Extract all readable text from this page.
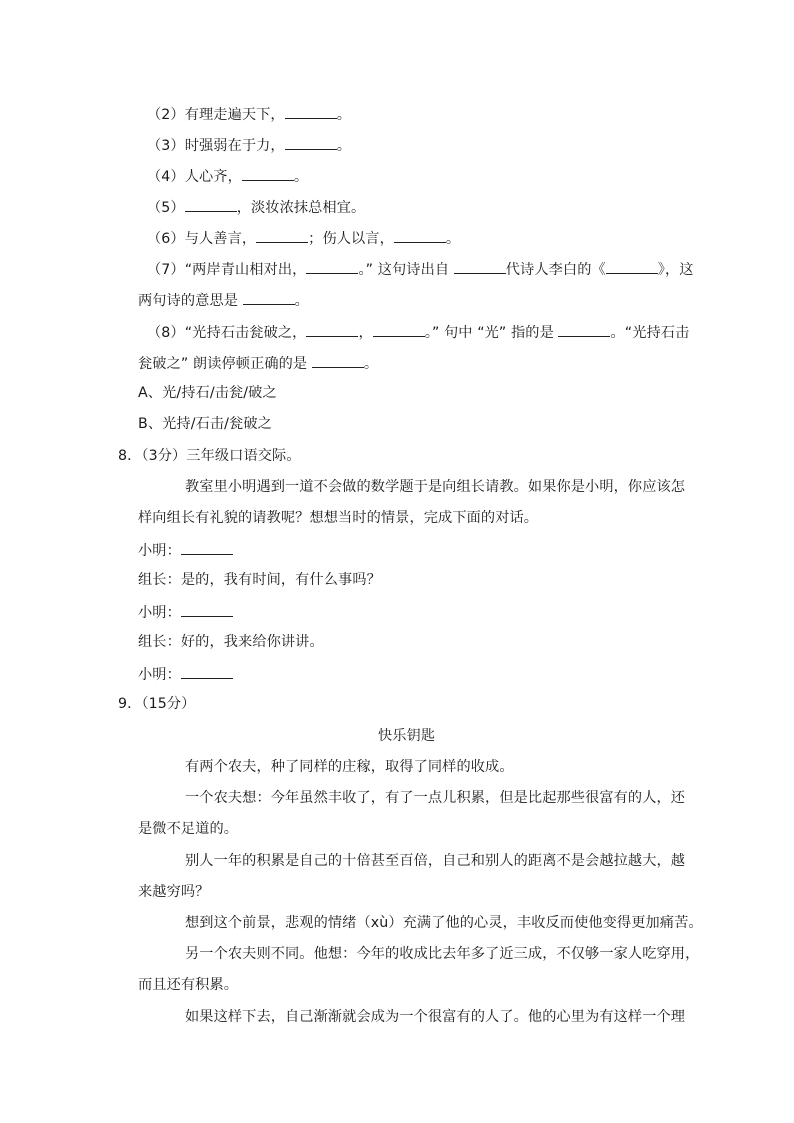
（2）有理走遍天下，	。
（3）时强弱在于力，	。
（4）人心齐，	。
（5）	，淡妆浓抹总相宜。
（6）与人善言，	；伤人以言，	。
（7）“两岸青山相对出，	。” 这句诗出自	代诗人李白的《	》，这
两句诗的意思是	。
（8）“光持石击瓮破之，	，	。” 句中 “光” 指的是	。“光持石击
瓮破之” 朗读停顿正确的是	。
A、光/持石/击瓮/破之
B、光持/石击/瓮破之
8．（3分）三年级口语交际。
教室里小明遇到一道不会做的数学题于是向组长请教。如果你是小明，你应该怎
样向组长有礼貌的请教呢？想想当时的情景，完成下面的对话。
小明：
组长：是的，我有时间，有什么事吗？
小明：
组长：好的，我来给你讲讲。
小明：
9．（15分）
快乐钥匙
有两个农夫，种了同样的庄稼，取得了同样的收成。
一个农夫想：今年虽然丰收了，有了一点儿积累，但是比起那些很富有的人，还
是微不足道的。
别人一年的积累是自己的十倍甚至百倍，自己和别人的距离不是会越拉越大，越
来越穷吗？
想到这个前景，悲观的情绪（xù）充满了他的心灵，丰收反而使他变得更加痛苦。
另一个农夫则不同。他想：今年的收成比去年多了近三成，不仅够一家人吃穿用，
而且还有积累。
如果这样下去，自己渐渐就会成为一个很富有的人了。他的心里为有这样一个理
